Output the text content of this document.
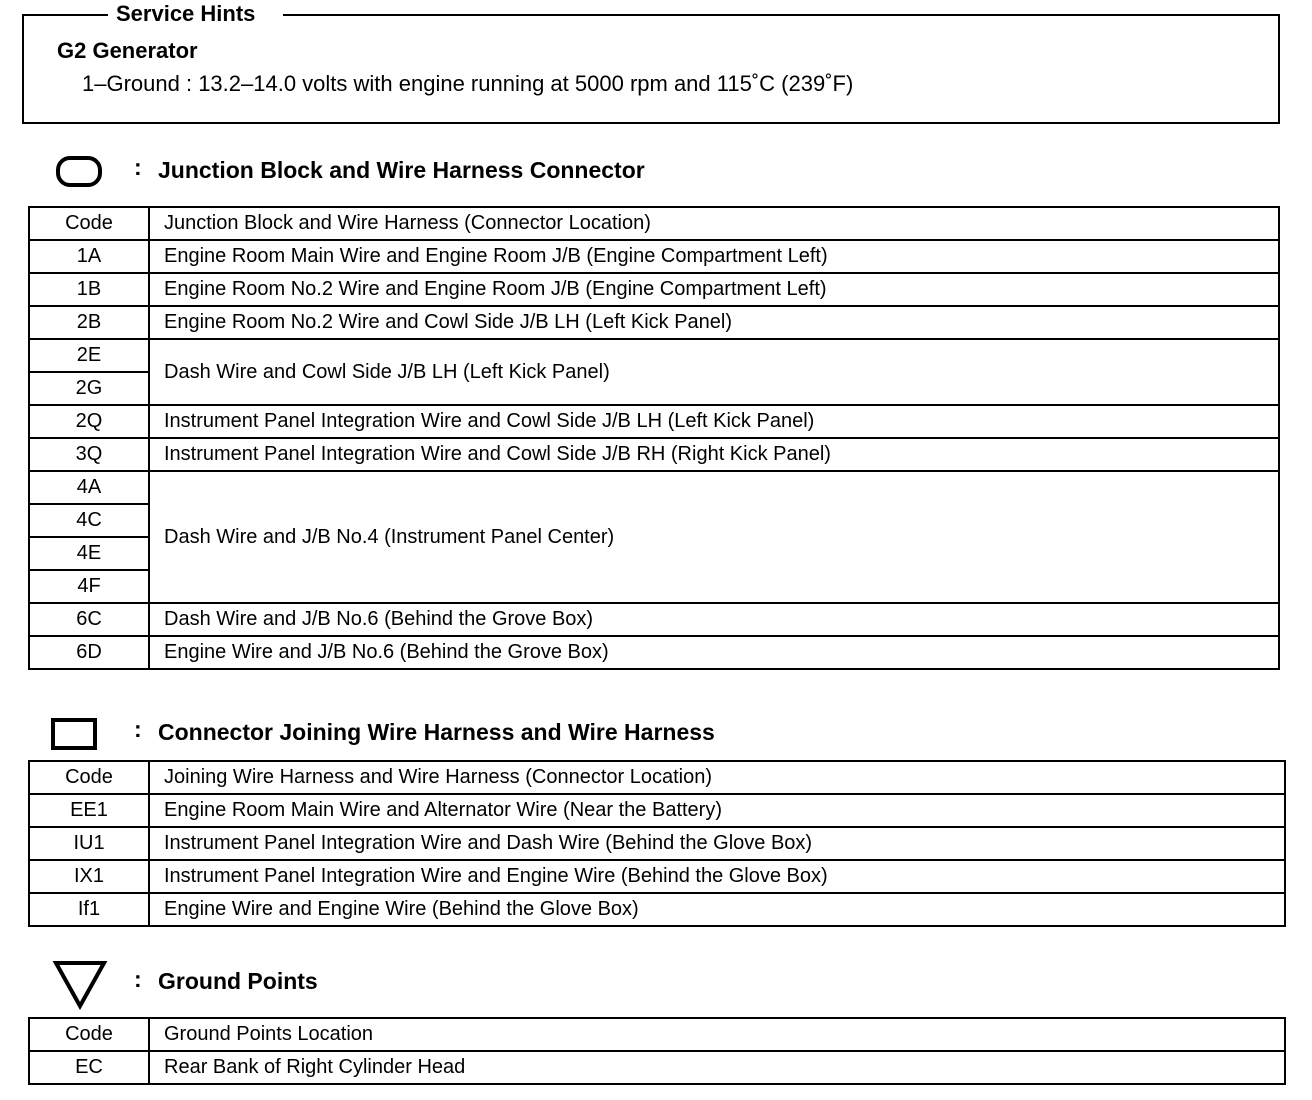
Service Hints
G2 Generator
1–Ground : 13.2–14.0 volts with engine running at 5000 rpm and 115˚C (239˚F)
: Junction Block and Wire Harness Connector
Code	Junction Block and Wire Harness (Connector Location)
1A	Engine Room Main Wire and Engine Room J/B (Engine Compartment Left)
1B	Engine Room No.2 Wire and Engine Room J/B (Engine Compartment Left)
2B	Engine Room No.2 Wire and Cowl Side J/B LH (Left Kick Panel)
2E	Dash Wire and Cowl Side J/B LH (Left Kick Panel)
2G	
2Q	Instrument Panel Integration Wire and Cowl Side J/B LH (Left Kick Panel)
3Q	Instrument Panel Integration Wire and Cowl Side J/B RH (Right Kick Panel)
4A	Dash Wire and J/B No.4 (Instrument Panel Center)
4C	
4E	
4F	
6C	Dash Wire and J/B No.6 (Behind the Grove Box)
6D	Engine Wire and J/B No.6 (Behind the Grove Box)
: Connector Joining Wire Harness and Wire Harness
Code	Joining Wire Harness and Wire Harness (Connector Location)
EE1	Engine Room Main Wire and Alternator Wire (Near the Battery)
IU1	Instrument Panel Integration Wire and Dash Wire (Behind the Glove Box)
IX1	Instrument Panel Integration Wire and Engine Wire (Behind the Glove Box)
If1	Engine Wire and Engine Wire (Behind the Glove Box)
: Ground Points
Code	Ground Points Location
EC	Rear Bank of Right Cylinder Head
